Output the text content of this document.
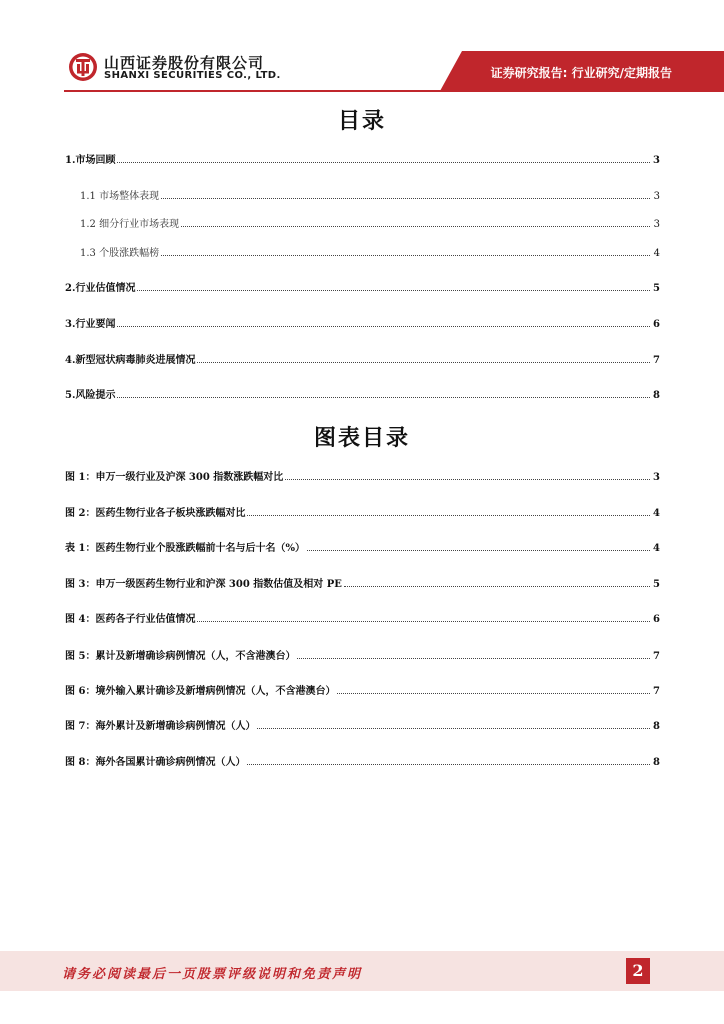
山西证券股份有限公司
SHANXI SECURITIES CO., LTD.	证券研究报告: 行业研究/定期报告
目录
1.市场回顾	3
1.1 市场整体表现	3
1.2 细分行业市场表现	3
1.3 个股涨跌幅榜	4
2.行业估值情况	5
3.行业要闻	6
4.新型冠状病毒肺炎进展情况	7
5.风险提示	8
图表目录
图 1：申万一级行业及沪深 300 指数涨跌幅对比	3
图 2：医药生物行业各子板块涨跌幅对比	4
表 1：医药生物行业个股涨跌幅前十名与后十名（%）	4
图 3：申万一级医药生物行业和沪深 300 指数估值及相对 PE	5
图 4：医药各子行业估值情况	6
图 5：累计及新增确诊病例情况（人，不含港澳台）	7
图 6：境外输入累计确诊及新增病例情况（人，不含港澳台）	7
图 7：海外累计及新增确诊病例情况（人）	8
图 8：海外各国累计确诊病例情况（人）	8
请务必阅读最后一页股票评级说明和免责声明	2
